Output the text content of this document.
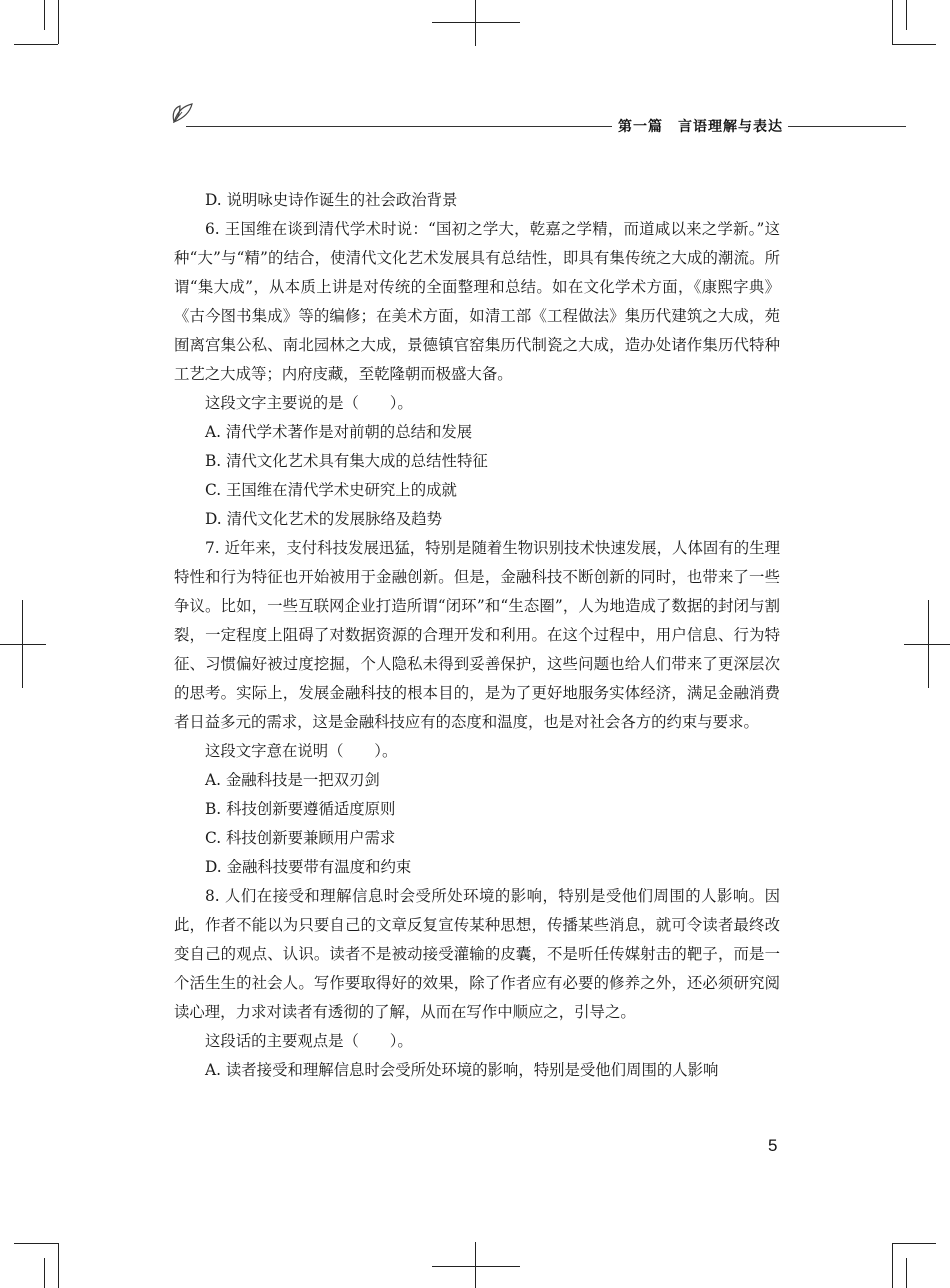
第一篇　言语理解与表达

D. 说明咏史诗作诞生的社会政治背景

6. 王国维在谈到清代学术时说：“国初之学大，乾嘉之学精，而道咸以来之学新。”这种“大”与“精”的结合，使清代文化艺术发展具有总结性，即具有集传统之大成的潮流。所谓“集大成”，从本质上讲是对传统的全面整理和总结。如在文化学术方面，《康熙字典》《古今图书集成》等的编修；在美术方面，如清工部《工程做法》集历代建筑之大成，苑囿离宫集公私、南北园林之大成，景德镇官窑集历代制瓷之大成，造办处诸作集历代特种工艺之大成等；内府庋藏，至乾隆朝而极盛大备。

这段文字主要说的是（　　）。

A. 清代学术著作是对前朝的总结和发展

B. 清代文化艺术具有集大成的总结性特征

C. 王国维在清代学术史研究上的成就

D. 清代文化艺术的发展脉络及趋势

7. 近年来，支付科技发展迅猛，特别是随着生物识别技术快速发展，人体固有的生理特性和行为特征也开始被用于金融创新。但是，金融科技不断创新的同时，也带来了一些争议。比如，一些互联网企业打造所谓“闭环”和“生态圈”，人为地造成了数据的封闭与割裂，一定程度上阻碍了对数据资源的合理开发和利用。在这个过程中，用户信息、行为特征、习惯偏好被过度挖掘，个人隐私未得到妥善保护，这些问题也给人们带来了更深层次的思考。实际上，发展金融科技的根本目的，是为了更好地服务实体经济，满足金融消费者日益多元的需求，这是金融科技应有的态度和温度，也是对社会各方的约束与要求。

这段文字意在说明（　　）。

A. 金融科技是一把双刃剑

B. 科技创新要遵循适度原则

C. 科技创新要兼顾用户需求

D. 金融科技要带有温度和约束

8. 人们在接受和理解信息时会受所处环境的影响，特别是受他们周围的人影响。因此，作者不能以为只要自己的文章反复宣传某种思想，传播某些消息，就可令读者最终改变自己的观点、认识。读者不是被动接受灌输的皮囊，不是听任传媒射击的靶子，而是一个活生生的社会人。写作要取得好的效果，除了作者应有必要的修养之外，还必须研究阅读心理，力求对读者有透彻的了解，从而在写作中顺应之，引导之。

这段话的主要观点是（　　）。

A. 读者接受和理解信息时会受所处环境的影响，特别是受他们周围的人影响

5
